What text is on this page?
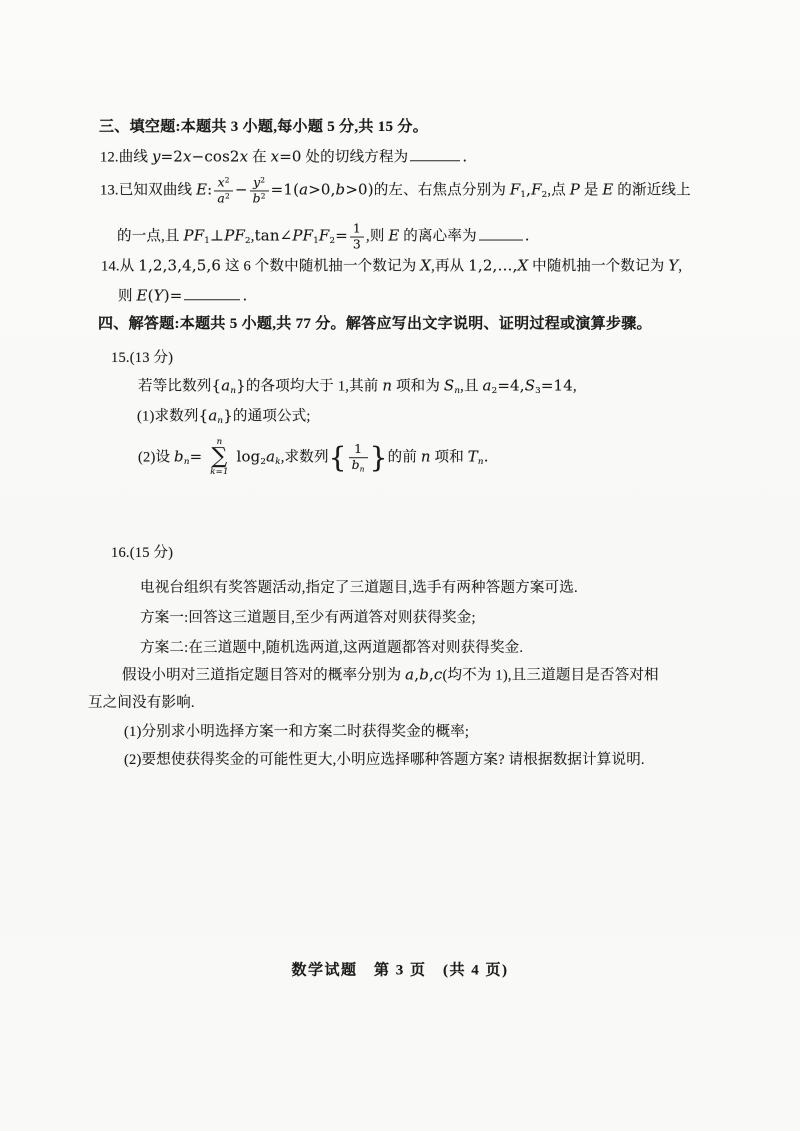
数学试题　第 3 页　(共 4 页)
三、填空题:本题共 3 小题,每小题 5 分,共 15 分。
12.曲线 y=2x−cos2x 在 x=0 处的切线方程为	.
13.已知双曲线 E: $\frac{x^2}{a^2} - \frac{y^2}{b^2} =1(a>0,b>0)$的左、右焦点分别为 F1,F2,点 P 是 E 的渐近线上
的一点,且 PF1⊥PF2,tan∠PF1F2= $\frac{1}{3}$ ,则 E 的离心率为	.
14.从 1,2,3,4,5,6 这 6 个数中随机抽一个数记为 X,再从 1,2,…,X 中随机抽一个数记为 Y,
则 E(Y)=	.
四、解答题:本题共 5 小题,共 77 分。解答应写出文字说明、证明过程或演算步骤。
15.(13 分)
若等比数列{an}的各项均大于 1,其前 n 项和为 Sn,且 a2=4,S3=14,
(1)求数列{an}的通项公式;
(2)设 bn=
n
∑
k=1
log2ak,求数列{ $\frac{1}{bn}$ }的前 n 项和 Tn.
16.(15 分)
电视台组织有奖答题活动,指定了三道题目,选手有两种答题方案可选.
方案一:回答这三道题目,至少有两道答对则获得奖金;
方案二:在三道题中,随机选两道,这两道题都答对则获得奖金.
假设小明对三道指定题目答对的概率分别为 a,b,c(均不为 1),且三道题目是否答对相
互之间没有影响.
(1)分别求小明选择方案一和方案二时获得奖金的概率;
(2)要想使获得奖金的可能性更大,小明应选择哪种答题方案? 请根据数据计算说明.
